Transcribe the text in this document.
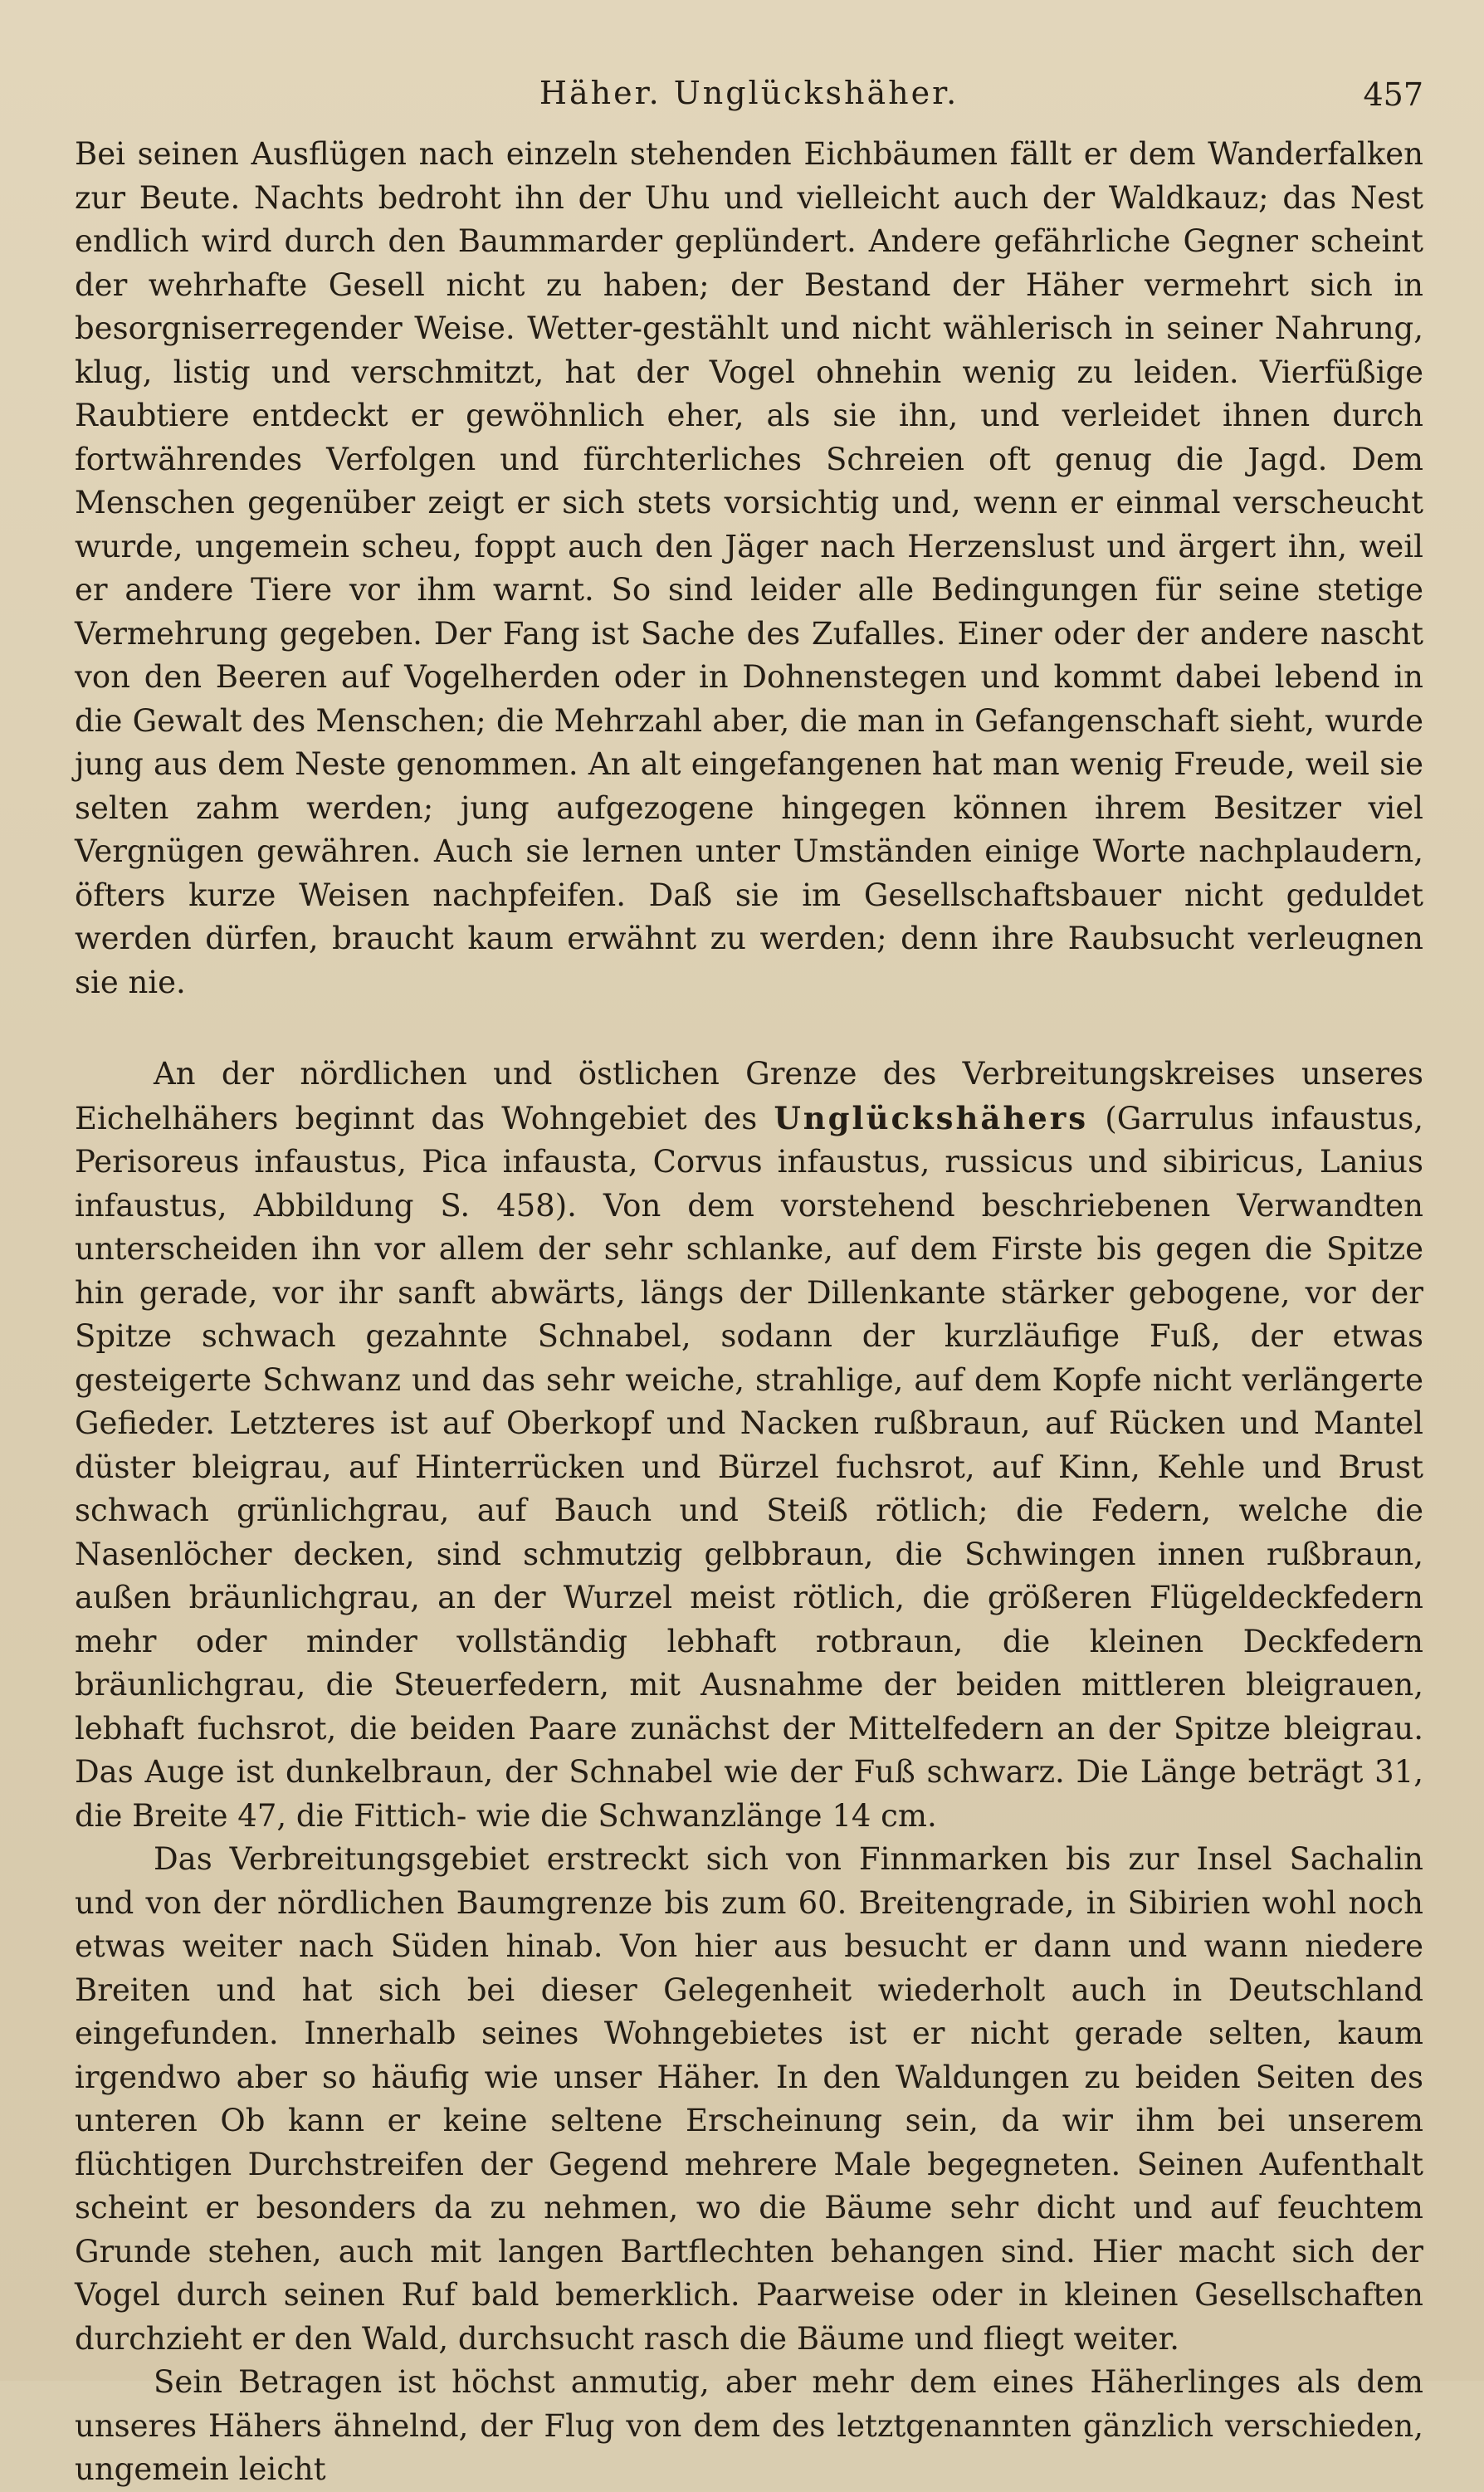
Häher. Unglückshäher.	457

Bei seinen Ausflügen nach einzeln stehenden Eichbäumen fällt er dem Wanderfalken zur Beute. Nachts bedroht ihn der Uhu und vielleicht auch der Waldkauz; das Nest endlich wird durch den Baummarder geplündert. Andere gefährliche Gegner scheint der wehrhafte Gesell nicht zu haben; der Bestand der Häher vermehrt sich in besorgniserregender Weise. Wetter-gestählt und nicht wählerisch in seiner Nahrung, klug, listig und verschmitzt, hat der Vogel ohnehin wenig zu leiden. Vierfüßige Raubtiere entdeckt er gewöhnlich eher, als sie ihn, und verleidet ihnen durch fortwährendes Verfolgen und fürchterliches Schreien oft genug die Jagd. Dem Menschen gegenüber zeigt er sich stets vorsichtig und, wenn er einmal verscheucht wurde, ungemein scheu, foppt auch den Jäger nach Herzenslust und ärgert ihn, weil er andere Tiere vor ihm warnt. So sind leider alle Bedingungen für seine stetige Vermehrung gegeben. Der Fang ist Sache des Zufalles. Einer oder der andere nascht von den Beeren auf Vogelherden oder in Dohnenstegen und kommt dabei lebend in die Gewalt des Menschen; die Mehrzahl aber, die man in Gefangenschaft sieht, wurde jung aus dem Neste genommen. An alt eingefangenen hat man wenig Freude, weil sie selten zahm werden; jung aufgezogene hingegen können ihrem Besitzer viel Vergnügen gewähren. Auch sie lernen unter Umständen einige Worte nachplaudern, öfters kurze Weisen nachpfeifen. Daß sie im Gesellschaftsbauer nicht geduldet werden dürfen, braucht kaum erwähnt zu werden; denn ihre Raubsucht verleugnen sie nie.

An der nördlichen und östlichen Grenze des Verbreitungskreises unseres Eichelhähers beginnt das Wohngebiet des Unglückshähers (Garrulus infaustus, Perisoreus infaustus, Pica infausta, Corvus infaustus, russicus und sibiricus, Lanius infaustus, Abbildung S. 458). Von dem vorstehend beschriebenen Verwandten unterscheiden ihn vor allem der sehr schlanke, auf dem Firste bis gegen die Spitze hin gerade, vor ihr sanft abwärts, längs der Dillenkante stärker gebogene, vor der Spitze schwach gezahnte Schnabel, sodann der kurzläufige Fuß, der etwas gesteigerte Schwanz und das sehr weiche, strahlige, auf dem Kopfe nicht verlängerte Gefieder. Letzteres ist auf Oberkopf und Nacken rußbraun, auf Rücken und Mantel düster bleigrau, auf Hinterrücken und Bürzel fuchsrot, auf Kinn, Kehle und Brust schwach grünlichgrau, auf Bauch und Steiß rötlich; die Federn, welche die Nasenlöcher decken, sind schmutzig gelbbraun, die Schwingen innen rußbraun, außen bräunlichgrau, an der Wurzel meist rötlich, die größeren Flügeldeckfedern mehr oder minder vollständig lebhaft rotbraun, die kleinen Deckfedern bräunlichgrau, die Steuerfedern, mit Ausnahme der beiden mittleren bleigrauen, lebhaft fuchsrot, die beiden Paare zunächst der Mittelfedern an der Spitze bleigrau. Das Auge ist dunkelbraun, der Schnabel wie der Fuß schwarz. Die Länge beträgt 31, die Breite 47, die Fittich- wie die Schwanzlänge 14 cm.

Das Verbreitungsgebiet erstreckt sich von Finnmarken bis zur Insel Sachalin und von der nördlichen Baumgrenze bis zum 60. Breitengrade, in Sibirien wohl noch etwas weiter nach Süden hinab. Von hier aus besucht er dann und wann niedere Breiten und hat sich bei dieser Gelegenheit wiederholt auch in Deutschland eingefunden. Innerhalb seines Wohngebietes ist er nicht gerade selten, kaum irgendwo aber so häufig wie unser Häher. In den Waldungen zu beiden Seiten des unteren Ob kann er keine seltene Erscheinung sein, da wir ihm bei unserem flüchtigen Durchstreifen der Gegend mehrere Male begegneten. Seinen Aufenthalt scheint er besonders da zu nehmen, wo die Bäume sehr dicht und auf feuchtem Grunde stehen, auch mit langen Bartflechten behangen sind. Hier macht sich der Vogel durch seinen Ruf bald bemerklich. Paarweise oder in kleinen Gesellschaften durchzieht er den Wald, durchsucht rasch die Bäume und fliegt weiter.

Sein Betragen ist höchst anmutig, aber mehr dem eines Häherlinges als dem unseres Hähers ähnelnd, der Flug von dem des letztgenannten gänzlich verschieden, ungemein leicht
